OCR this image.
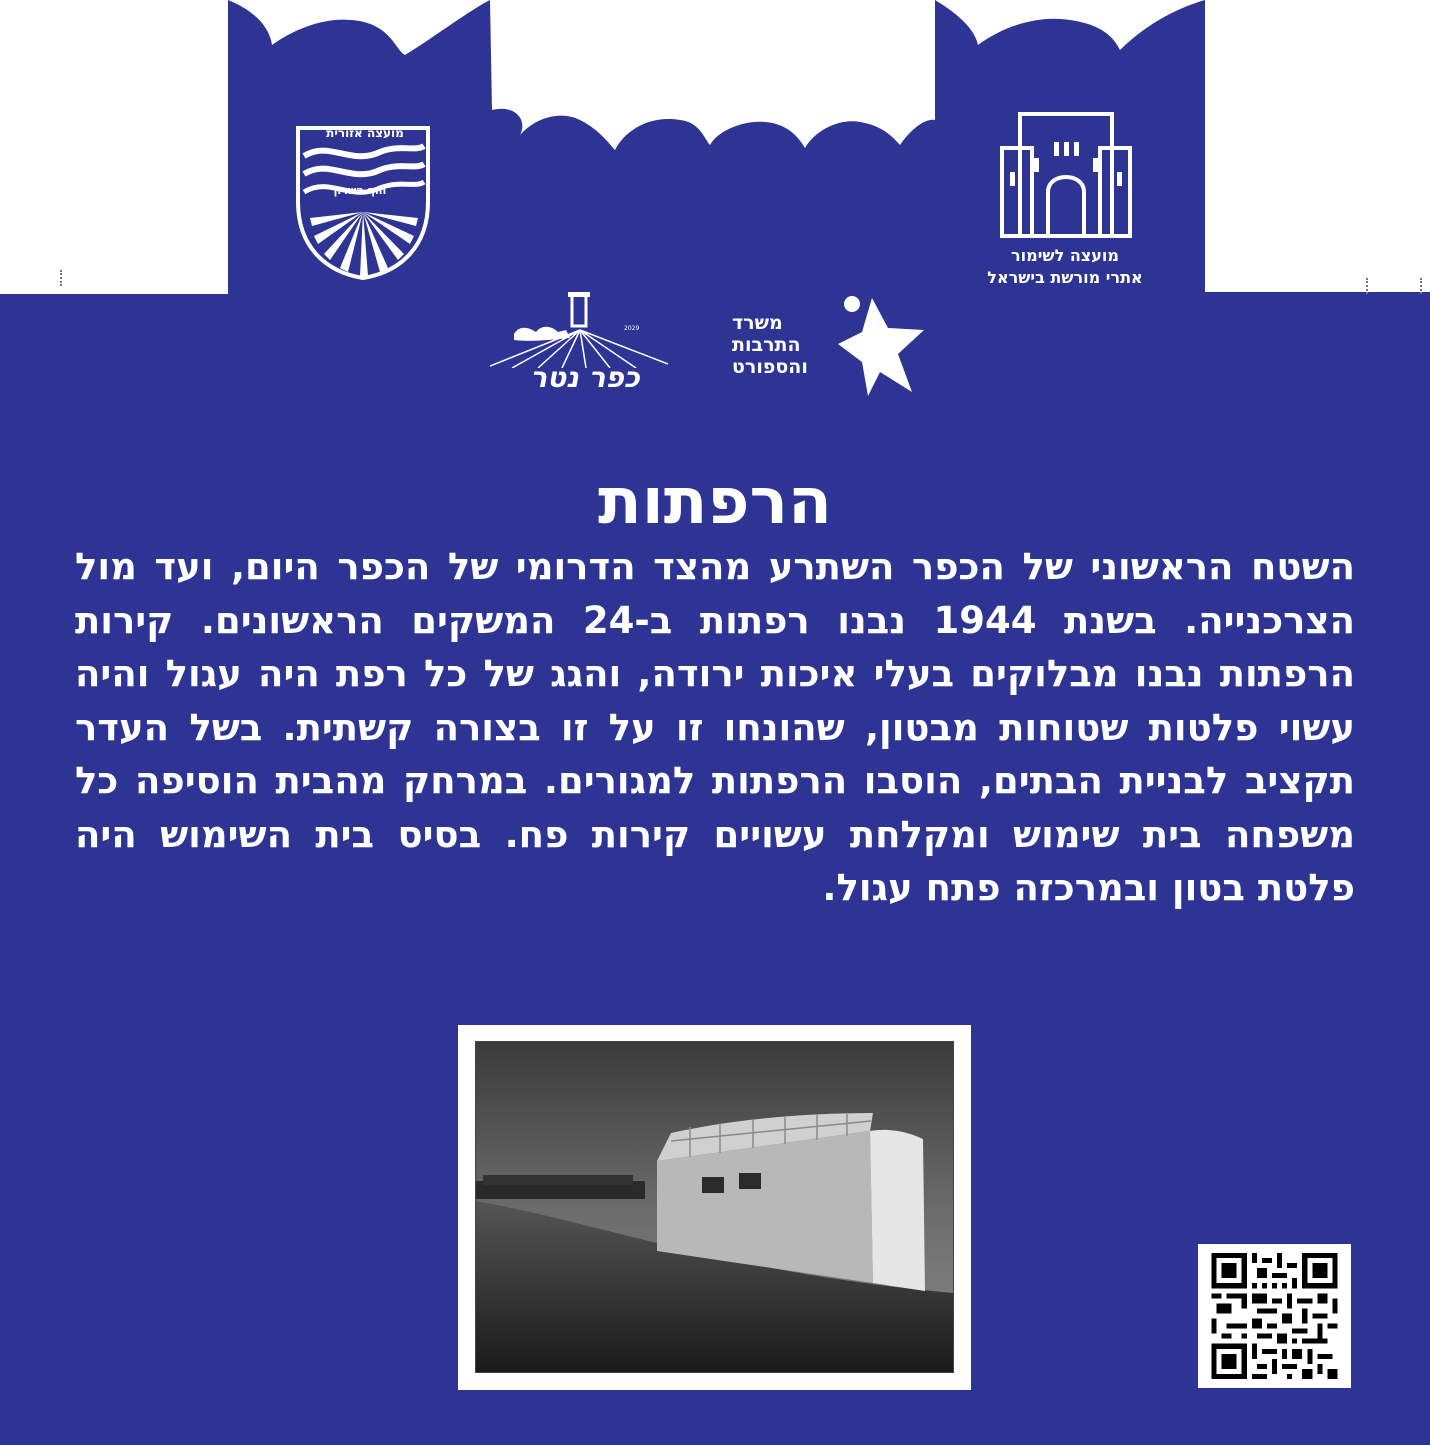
מועצה אזורית
חוף השרון
מועצה לשימור
אתרי מורשת בישראל
משרד
התרבות
והספורט
2029
כפר נטר
הרפתות

השטח הראשוני של הכפר השתרע מהצד הדרומי של הכפר היום, ועד מול הצרכנייה. בשנת 1944 נבנו רפתות ב-24 המשקים הראשונים. קירות הרפתות נבנו מבלוקים בעלי איכות ירודה, והגג של כל רפת היה עגול והיה עשוי פלטות שטוחות מבטון, שהונחו זו על זו בצורה קשתית. בשל העדר תקציב לבניית הבתים, הוסבו הרפתות למגורים. במרחק מהבית הוסיפה כל משפחה בית שימוש ומקלחת עשויים קירות פח. בסיס בית השימוש היה פלטת בטון ובמרכזה פתח עגול.
